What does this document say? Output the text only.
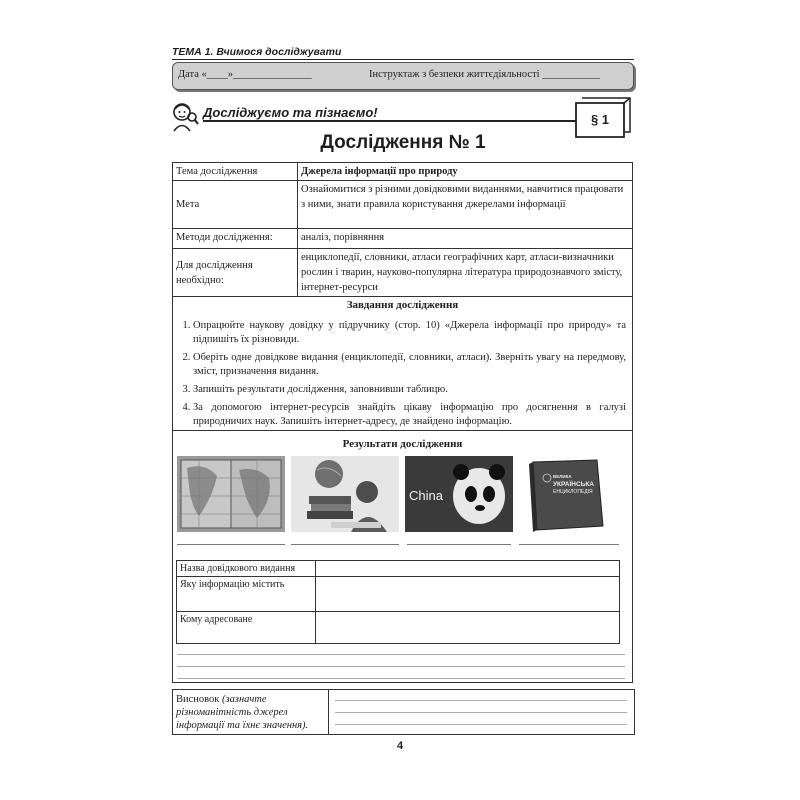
ТЕМА 1. Вчимося досліджувати
Дата «____»_______________	Інструктаж з безпеки життєдіяльності ___________
Досліджуємо та пізнаємо!	§ 1
Дослідження № 1
Тема дослідження	Джерела інформації про природу
Мета	Ознайомитися з різними довідковими виданнями, навчитися працювати з ними, знати правила користування джерелами інформації
Методи дослідження:	аналіз, порівняння
Для дослідження необхідно:	енциклопедії, словники, атласи географічних карт, атласи-визначники рослин і тварин, науково-популярна література природознавчого змісту, інтернет-ресурси
Завдання дослідження
1. Опрацюйте наукову довідку у підручнику (стор. 10) «Джерела інформації про природу» та підпишіть їх різновиди.
2. Оберіть одне довідкове видання (енциклопедії, словники, атласи). Зверніть увагу на передмову, зміст, призначення видання.
3. Запишіть результати дослідження, заповнивши таблицю.
4. За допомогою інтернет-ресурсів знайдіть цікаву інформацію про досягнення в галузі природничих наук. Запишіть інтернет-адресу, де знайдено інформацію.
Результати дослідження
China
ВЕЛИКА
УКРАЇНСЬКА
ЕНЦИКЛОПЕДІЯ
Назва довідкового видання	
Яку інформацію містить	
Кому адресоване	
Висновок (зазначте різноманітність джерел інформації та їхнє значення).
4
